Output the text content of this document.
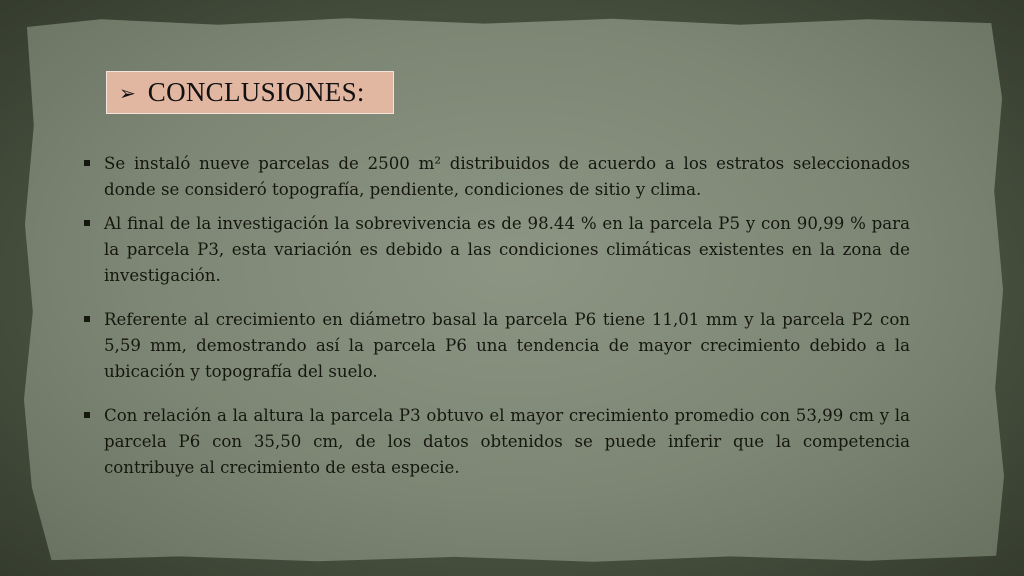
➢ CONCLUSIONES:
Se instaló nueve parcelas de 2500 m² distribuidos de acuerdo a los estratos seleccionados donde se consideró topografía, pendiente, condiciones de sitio y clima.
Al final de la investigación la sobrevivencia es de 98.44 % en la parcela P5 y con 90,99 % para la parcela P3, esta variación es debido a las condiciones climáticas existentes en la zona de investigación.
Referente al crecimiento en diámetro basal la parcela P6 tiene 11,01 mm y la parcela P2 con 5,59 mm, demostrando así la parcela P6 una tendencia de mayor crecimiento debido a la ubicación y topografía del suelo.
Con relación a la altura la parcela P3 obtuvo el mayor crecimiento promedio con 53,99 cm y la parcela P6 con 35,50 cm, de los datos obtenidos se puede inferir que la competencia contribuye al crecimiento de esta especie.
